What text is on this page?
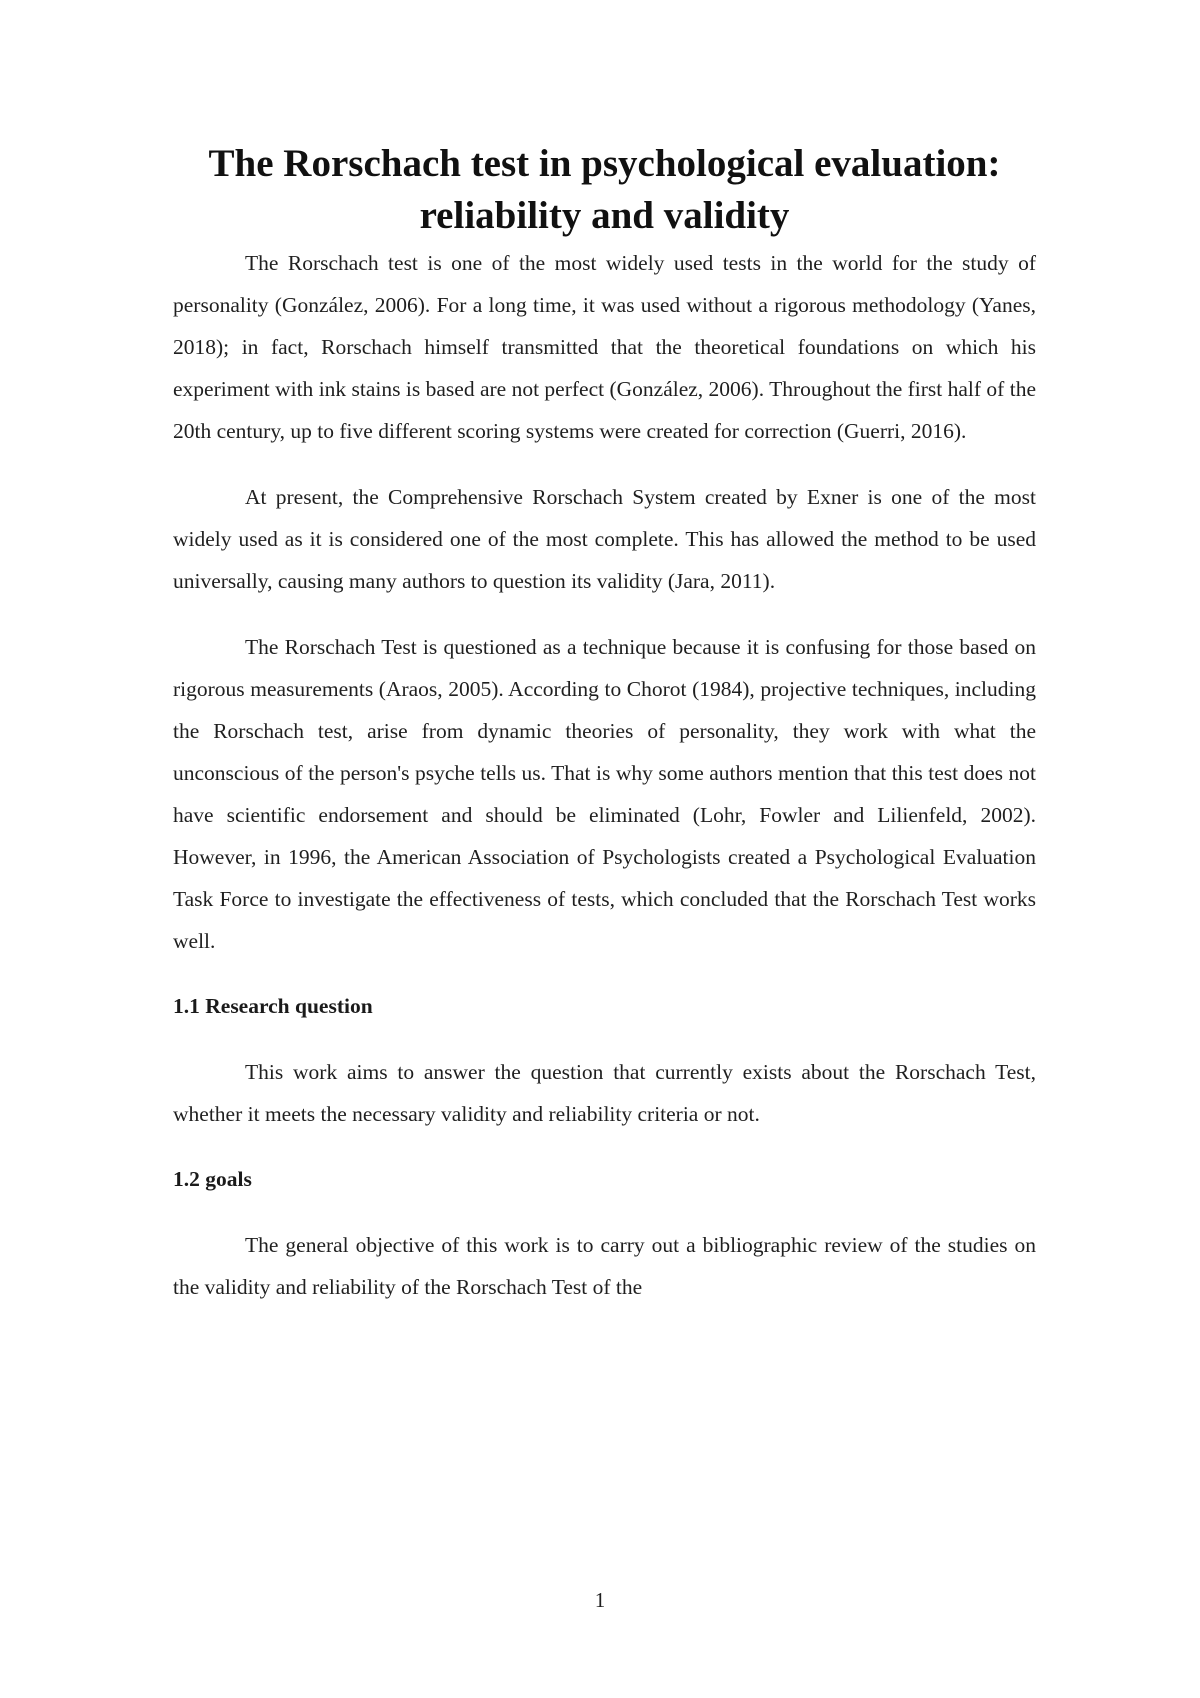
The Rorschach test in psychological evaluation:
reliability and validity

The Rorschach test is one of the most widely used tests in the world for the study of personality (González, 2006). For a long time, it was used without a rigorous methodology (Yanes, 2018); in fact, Rorschach himself transmitted that the theoretical foundations on which his experiment with ink stains is based are not perfect (González, 2006). Throughout the first half of the 20th century, up to five different scoring systems were created for correction (Guerri, 2016).

At present, the Comprehensive Rorschach System created by Exner is one of the most widely used as it is considered one of the most complete. This has allowed the method to be used universally, causing many authors to question its validity (Jara, 2011).

The Rorschach Test is questioned as a technique because it is confusing for those based on rigorous measurements (Araos, 2005). According to Chorot (1984), projective techniques, including the Rorschach test, arise from dynamic theories of personality, they work with what the unconscious of the person's psyche tells us. That is why some authors mention that this test does not have scientific endorsement and should be eliminated (Lohr, Fowler and Lilienfeld, 2002). However, in 1996, the American Association of Psychologists created a Psychological Evaluation Task Force to investigate the effectiveness of tests, which concluded that the Rorschach Test works well.

1.1 Research question

This work aims to answer the question that currently exists about the Rorschach Test, whether it meets the necessary validity and reliability criteria or not.

1.2 goals

The general objective of this work is to carry out a bibliographic review of the studies on the validity and reliability of the Rorschach Test of the

1
